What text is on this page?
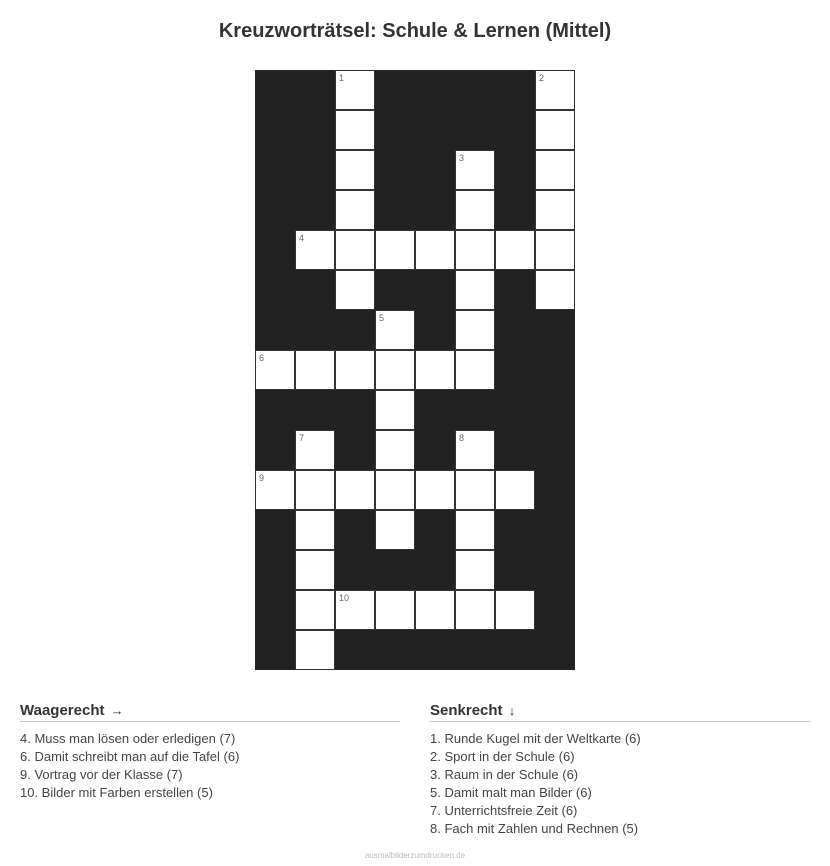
Kreuzworträtsel: Schule & Lernen (Mittel)
1	2
3
4
5
6
7	8
9
10
Waagerecht →
4. Muss man lösen oder erledigen (7)
6. Damit schreibt man auf die Tafel (6)
9. Vortrag vor der Klasse (7)
10. Bilder mit Farben erstellen (5)
Senkrecht ↓
1. Runde Kugel mit der Weltkarte (6)
2. Sport in der Schule (6)
3. Raum in der Schule (6)
5. Damit malt man Bilder (6)
7. Unterrichtsfreie Zeit (6)
8. Fach mit Zahlen und Rechnen (5)
ausmalbilderzumdrucken.de
